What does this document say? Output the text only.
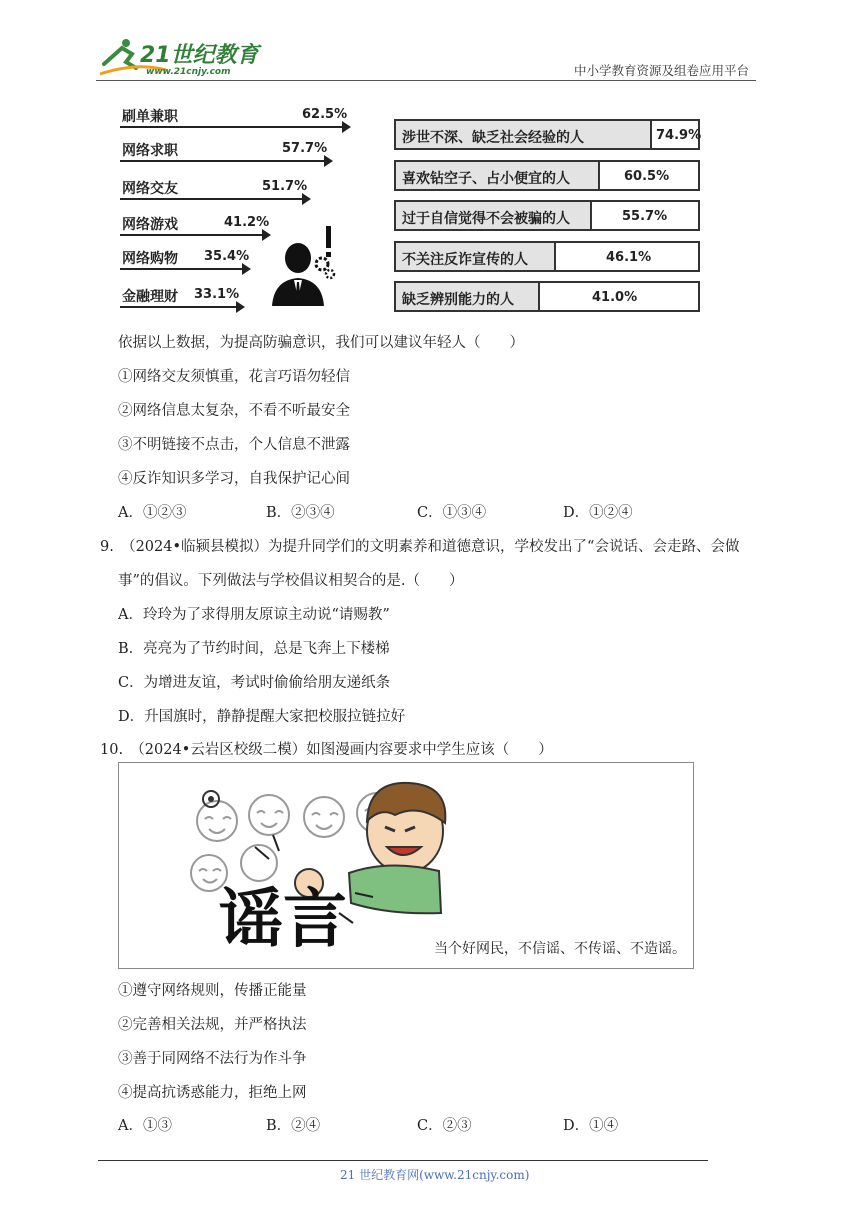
21世纪教育
www.21cnjy.com	中小学教育资源及组卷应用平台
刷单兼职	62.5%
网络求职	57.7%
网络交友	51.7%
网络游戏	41.2%
网络购物 35.4%
金融理财 33.1%
涉世不深、缺乏社会经验的人	74.9%
喜欢钻空子、占小便宜的人	60.5%
过于自信觉得不会被骗的人	55.7%
不关注反诈宣传的人	46.1%
缺乏辨别能力的人	41.0%
依据以上数据，为提高防骗意识，我们可以建议年轻人（　　）
①网络交友须慎重，花言巧语勿轻信
②网络信息太复杂，不看不听最安全
③不明链接不点击，个人信息不泄露
④反诈知识多学习，自我保护记心间
A．①②③	B．②③④	C．①③④	D．①②④
9.　（2024•临颍县模拟）为提升同学们的文明素养和道德意识，学校发出了“会说话、会走路、会做
事”的倡议。下列做法与学校倡议相契合的是.（　　）
A．玲玲为了求得朋友原谅主动说“请赐教”
B．亮亮为了节约时间，总是飞奔上下楼梯
C．为增进友谊，考试时偷偷给朋友递纸条
D．升国旗时，静静提醒大家把校服拉链拉好
10.　（2024•云岩区校级二模）如图漫画内容要求中学生应该（　　）
谣言	当个好网民，不信谣、不传谣、不造谣。
①遵守网络规则，传播正能量
②完善相关法规，并严格执法
③善于同网络不法行为作斗争
④提高抗诱惑能力，拒绝上网
A．①③	B．②④	C．②③	D．①④
21 世纪教育网(www.21cnjy.com)
